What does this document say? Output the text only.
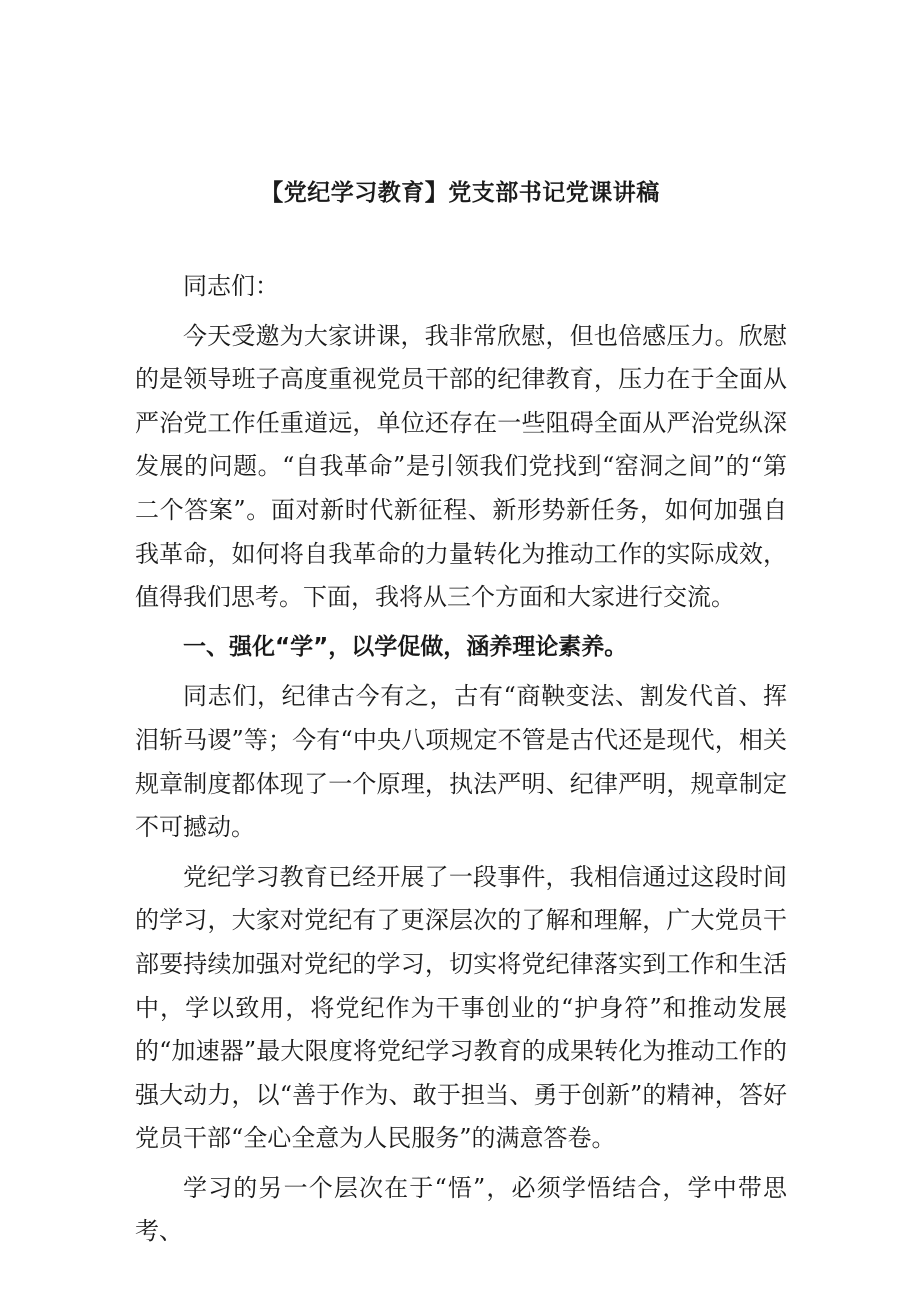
【党纪学习教育】党支部书记党课讲稿

同志们：

今天受邀为大家讲课，我非常欣慰，但也倍感压力。欣慰的是领导班子高度重视党员干部的纪律教育，压力在于全面从严治党工作任重道远，单位还存在一些阻碍全面从严治党纵深发展的问题。“自我革命”是引领我们党找到“窑洞之间”的“第二个答案”。面对新时代新征程、新形势新任务，如何加强自我革命，如何将自我革命的力量转化为推动工作的实际成效，值得我们思考。下面，我将从三个方面和大家进行交流。

一、强化“学”，以学促做，涵养理论素养。

同志们，纪律古今有之，古有“商鞅变法、割发代首、挥泪斩马谡”等；今有“中央八项规定不管是古代还是现代，相关规章制度都体现了一个原理，执法严明、纪律严明，规章制定不可撼动。

党纪学习教育已经开展了一段事件，我相信通过这段时间的学习，大家对党纪有了更深层次的了解和理解，广大党员干部要持续加强对党纪的学习，切实将党纪律落实到工作和生活中，学以致用，将党纪作为干事创业的“护身符”和推动发展的“加速器”最大限度将党纪学习教育的成果转化为推动工作的强大动力，以“善于作为、敢于担当、勇于创新”的精神，答好党员干部“全心全意为人民服务”的满意答卷。

学习的另一个层次在于“悟”，必须学悟结合，学中带思考、
